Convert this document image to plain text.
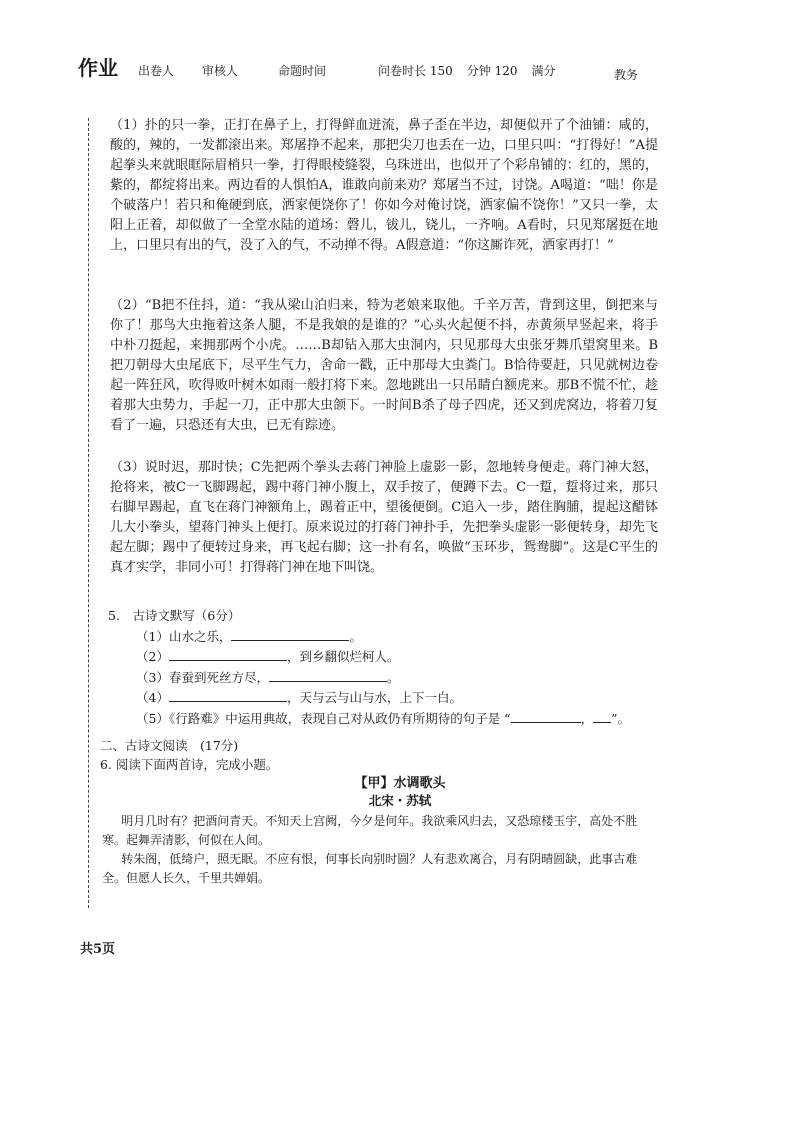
作业 出卷人 审核人	命题时间	问卷时长 150 分钟 120 满分	教务
（1）扑的只一拳，正打在鼻子上，打得鲜血迸流，鼻子歪在半边，却便似开了个油铺：咸的，酸的，辣的，一发都滚出来。郑屠挣不起来，那把尖刀也丢在一边，口里只叫：“打得好！”A提起拳头来就眼眶际眉梢只一拳，打得眼棱缝裂，乌珠迸出，也似开了个彩帛铺的：红的，黑的，紫的，都绽将出来。两边看的人惧怕A，谁敢向前来劝？郑屠当不过，讨饶。A喝道：“咄！你是个破落户！若只和俺硬到底，洒家便饶你了！你如今对俺讨饶，洒家偏不饶你！”又只一拳，太阳上正着，却似做了一全堂水陆的道场：磬儿，钹儿，铙儿，一齐响。A看时，只见郑屠挺在地上，口里只有出的气，没了入的气，不动掸不得。A假意道：“你这厮诈死，洒家再打！”
（2）“B把不住抖，道：“我从梁山泊归来，特为老娘来取他。千辛万苦，背到这里，倒把来与你了！那鸟大虫拖着这条人腿，不是我娘的是谁的？”心头火起便不抖，赤黄须早竖起来，将手中朴刀挺起，来拥那两个小虎。……B却钻入那大虫洞内，只见那母大虫张牙舞爪望窝里来。B把刀朝母大虫尾底下，尽平生气力，舍命一戳，正中那母大虫粪门。B恰待要赶，只见就树边卷起一阵狂风，吹得败叶树木如雨一般打将下来。忽地跳出一只吊睛白额虎来。那B不慌不忙，趁着那大虫势力，手起一刀，正中那大虫颌下。一时间B杀了母子四虎，还又到虎窝边，将着刀复看了一遍，只恐还有大虫，已无有踪迹。
（3）说时迟，那时快；C先把两个拳头去蒋门神脸上虚影一影，忽地转身便走。蒋门神大怒，抢将来，被C一飞脚踢起，踢中蒋门神小腹上，双手按了，便蹲下去。C一踅，踅将过来，那只右脚早踢起，直飞在蒋门神额角上，踢着正中，望後便倒。C追入一步，踏住胸脯，提起这醋钵儿大小拳头，望蒋门神头上便打。原来说过的打蒋门神扑手，先把拳头虚影一影便转身，却先飞起左脚；踢中了便转过身来，再飞起右脚；这一扑有名，唤做“玉环步，鸳鸯脚”。这是C平生的真才实学，非同小可！打得蒋门神在地下叫饶。
5.　古诗文默写（6分）
（1）山水之乐，	。
（2）	，到乡翻似烂柯人。
（3）春蚕到死丝方尽，	。
（4）	，天与云与山与水，上下一白。
（5）《行路难》中运用典故，表现自己对从政仍有所期待的句子是 “	， ”。
二、古诗文阅读　(17分)
6. 阅读下面两首诗，完成小题。
【甲】水调歌头
北宋・苏轼

明月几时有？把酒问青天。不知天上宫阙，今夕是何年。我欲乘风归去，又恐琼楼玉宇，高处不胜寒。起舞弄清影，何似在人间。

转朱阁，低绮户，照无眠。不应有恨，何事长向别时圆？人有悲欢离合，月有阴晴圆缺，此事古难全。但愿人长久，千里共婵娟。

共5页
